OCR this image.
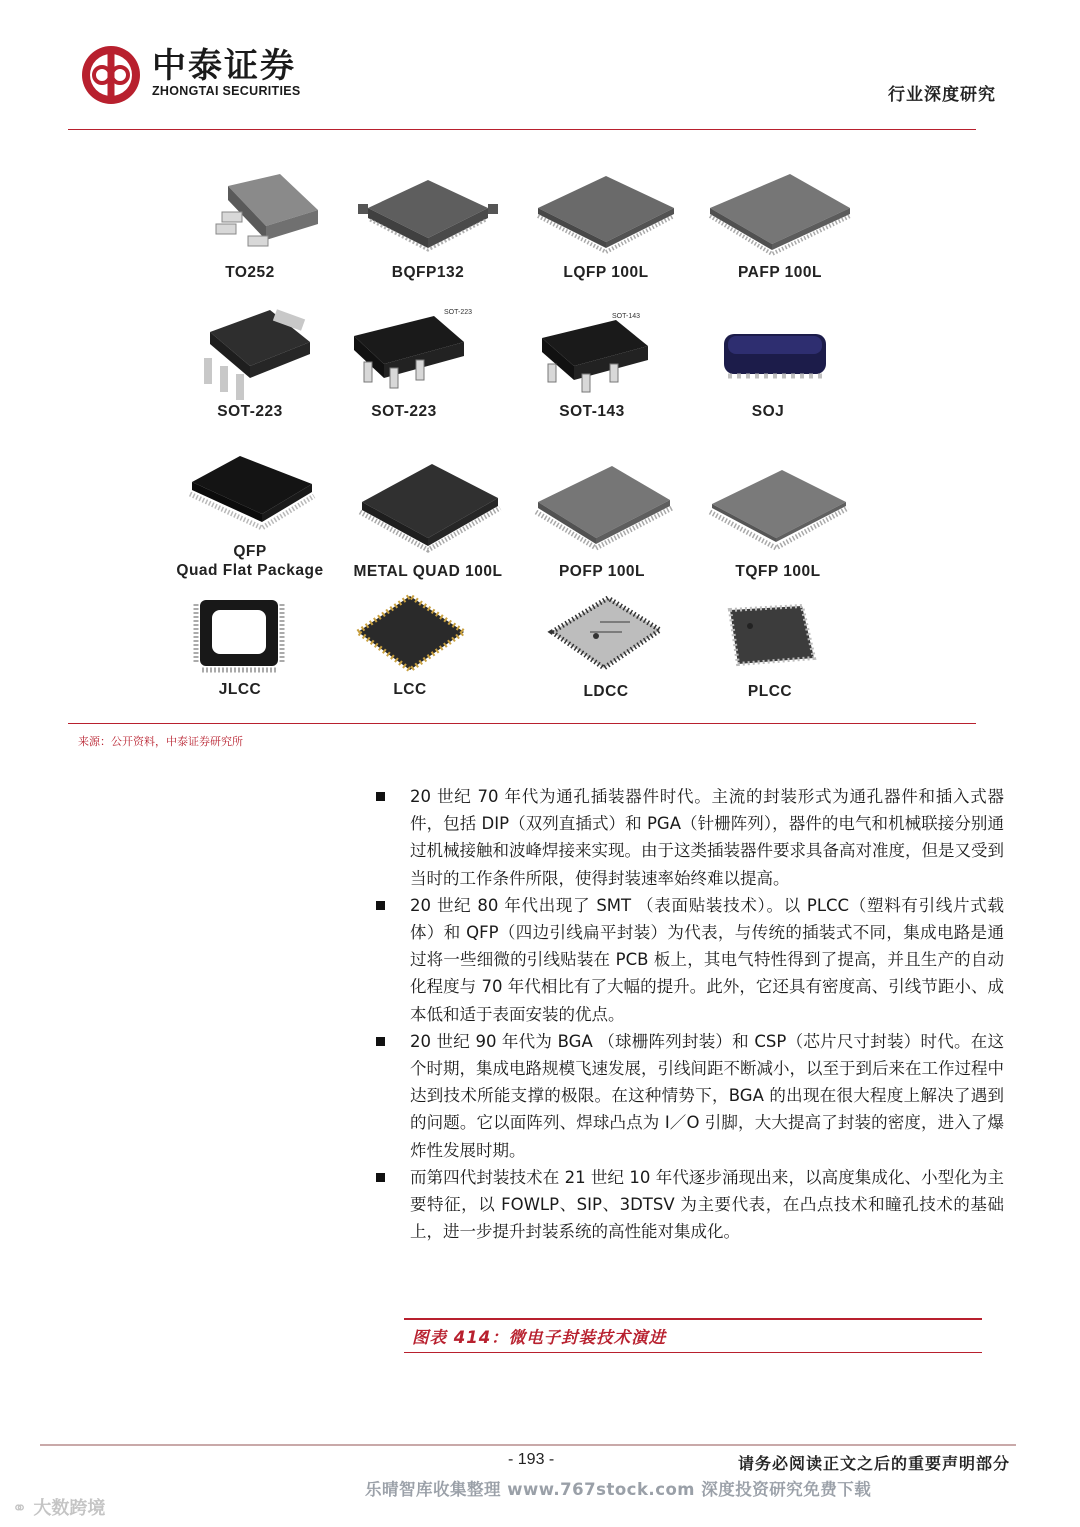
中泰证券
ZHONGTAI SECURITIES	行业深度研究
TO252	BQFP132	LQFP 100L	PAFP 100L
SOT-223
SOT-223
SOT-223
SOT-143
SOT-143	SOJ
QFP
Quad Flat Package	METAL QUAD 100L	POFP 100L	TQFP 100L
JLCC	LCC	LDCC	PLCC
来源：公开资料，中泰证券研究所
20 世纪 70 年代为通孔插装器件时代。主流的封装形式为通孔器件和插入式器件，包括 DIP（双列直插式）和 PGA（针栅阵列），器件的电气和机械联接分别通过机械接触和波峰焊接来实现。由于这类插装器件要求具备高对准度，但是又受到当时的工作条件所限，使得封装速率始终难以提高。
20 世纪 80 年代出现了 SMT （表面贴装技术）。以 PLCC（塑料有引线片式载体）和 QFP（四边引线扁平封装）为代表，与传统的插装式不同，集成电路是通过将一些细微的引线贴装在 PCB 板上，其电气特性得到了提高，并且生产的自动化程度与 70 年代相比有了大幅的提升。此外，它还具有密度高、引线节距小、成本低和适于表面安装的优点。
20 世纪 90 年代为 BGA （球栅阵列封装）和 CSP（芯片尺寸封装）时代。在这个时期，集成电路规模飞速发展，引线间距不断减小，以至于到后来在工作过程中达到技术所能支撑的极限。在这种情势下，BGA 的出现在很大程度上解决了遇到的问题。它以面阵列、焊球凸点为 I／O 引脚，大大提高了封装的密度，进入了爆炸性发展时期。
而第四代封装技术在 21 世纪 10 年代逐步涌现出来，以高度集成化、小型化为主要特征，以 FOWLP、SIP、3DTSV 为主要代表，在凸点技术和瞳孔技术的基础上，进一步提升封装系统的高性能对集成化。
图表 414：微电子封装技术演进
- 193 -	请务必阅读正文之后的重要声明部分
乐晴智库收集整理 www.767stock.com 深度投资研究免费下载
⚭ 大数跨境
